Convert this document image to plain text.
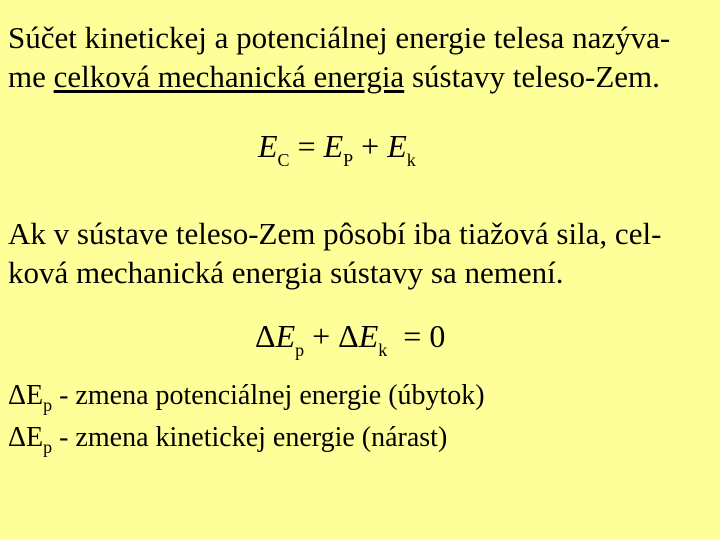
Súčet kinetickej a potenciálnej energie telesa nazýva-
me celková mechanická energia sústavy teleso-Zem.
$E_C = E_P + E_k$
Ak v sústave teleso-Zem pôsobí iba tiažová sila, cel-
ková mechanická energia sústavy sa nemení.
$\Delta E_p + \Delta E_k = 0$
$\Delta E_p$ - zmena potenciálnej energie (úbytok)
$\Delta E_p$ - zmena kinetickej energie (nárast)
